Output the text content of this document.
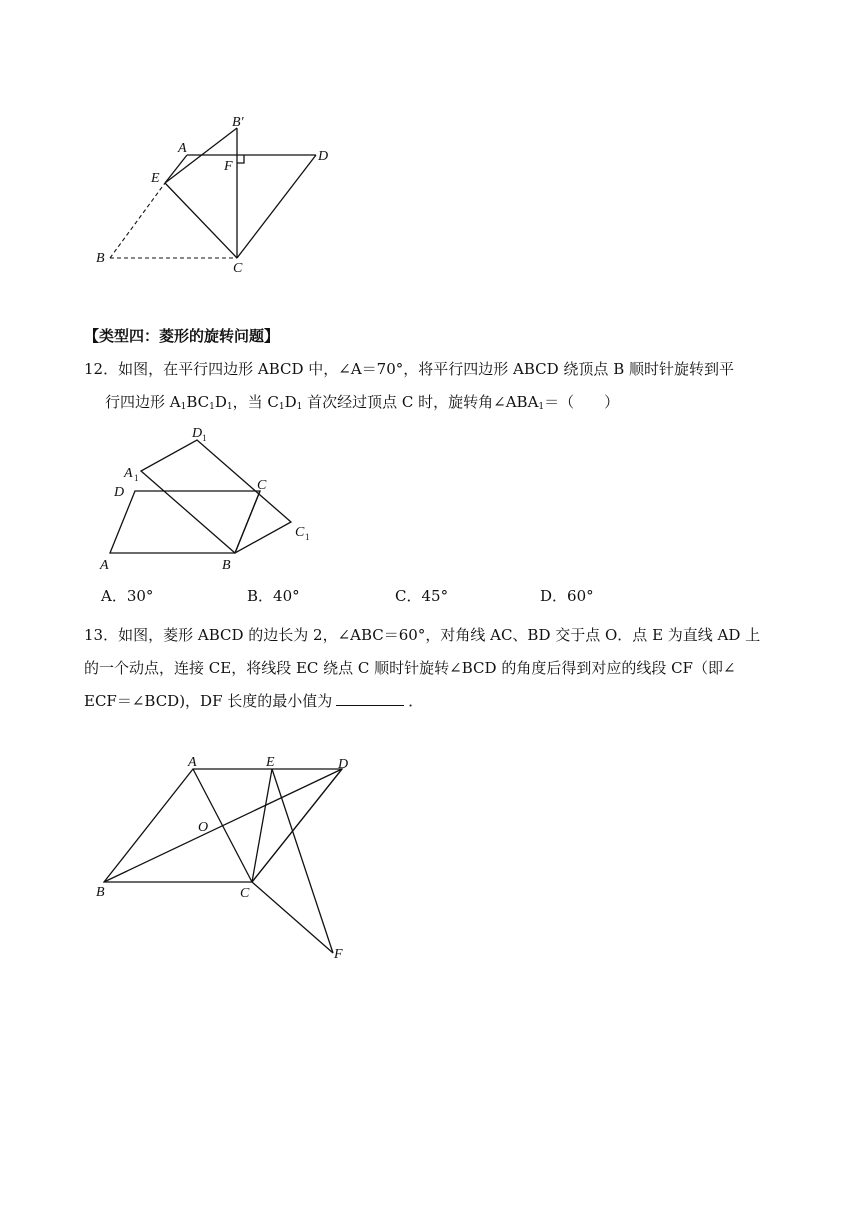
A
B′
D
F
E
B
C
【类型四：菱形的旋转问题】
12．如图，在平行四边形 ABCD 中，∠A＝70°，将平行四边形 ABCD 绕顶点 B 顺时针旋转到平
行四边形 $A_1BC_1D_1$，当 $C_1D_1$ 首次经过顶点 C 时，旋转角$\angle ABA_1=$（　　）
D 1
A 1
D	C
C 1
A	B
A．30°	B．40°	C．45°	D．60°
13．如图，菱形 ABCD 的边长为 2，∠ABC＝60°，对角线 AC、BD 交于点 O．点 E 为直线 AD 上
的一个动点，连接 CE，将线段 EC 绕点 C 顺时针旋转∠BCD 的角度后得到对应的线段 CF（即∠
ECF＝∠BCD)，DF 长度的最小值为	．
A	E	D
O
B	C
F
